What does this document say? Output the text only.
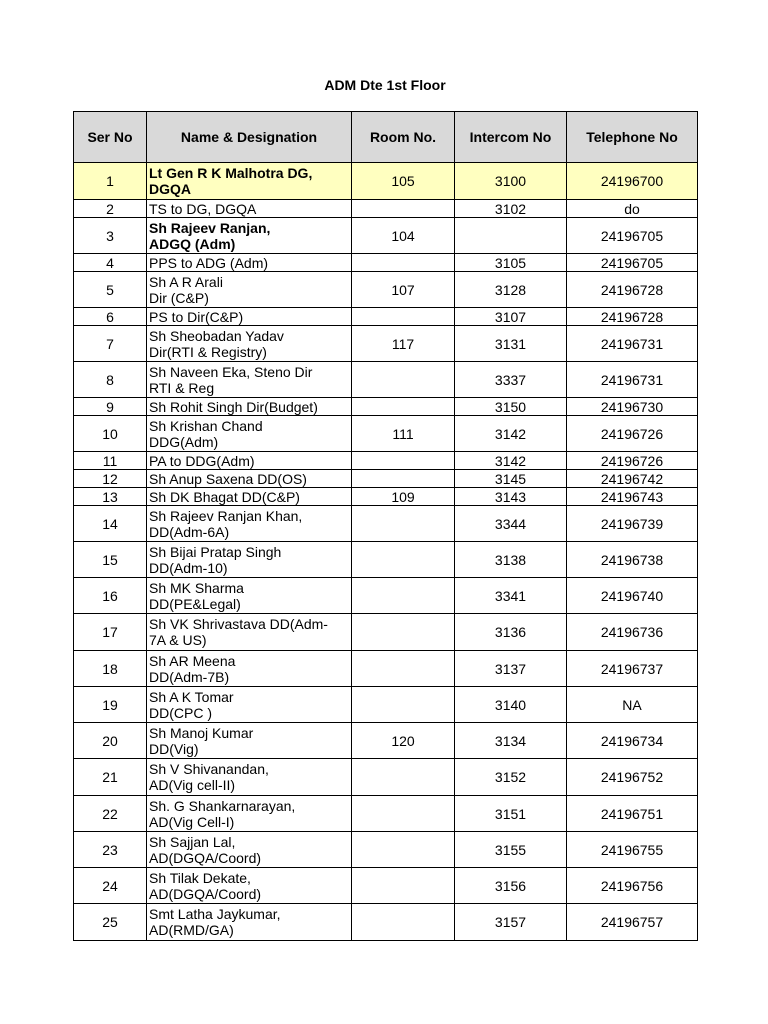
ADM Dte 1st Floor
Ser No	Name & Designation	Room No.	Intercom No	Telephone No
1	Lt Gen R K Malhotra DG,
DGQA	105	3100	24196700
2	TS to DG, DGQA		3102	do
3	Sh Rajeev Ranjan,
ADGQ (Adm)	104		24196705
4	PPS to ADG (Adm)		3105	24196705
5	Sh A R Arali
Dir (C&P)	107	3128	24196728
6	PS to Dir(C&P)		3107	24196728
7	Sh Sheobadan Yadav
Dir(RTI & Registry)	117	3131	24196731
8	Sh Naveen Eka, Steno Dir
RTI & Reg		3337	24196731
9	Sh Rohit Singh Dir(Budget)		3150	24196730
10	Sh Krishan Chand
DDG(Adm)	111	3142	24196726
11	PA to DDG(Adm)		3142	24196726
12	Sh Anup Saxena DD(OS)		3145	24196742
13	Sh DK Bhagat DD(C&P)	109	3143	24196743
14	Sh Rajeev Ranjan Khan,
DD(Adm-6A)		3344	24196739
15	Sh Bijai Pratap Singh
DD(Adm-10)		3138	24196738
16	Sh MK Sharma
DD(PE&Legal)		3341	24196740
17	Sh VK Shrivastava DD(Adm-
7A & US)		3136	24196736
18	Sh AR Meena
DD(Adm-7B)		3137	24196737
19	Sh A K Tomar
DD(CPC )		3140	NA
20	Sh Manoj Kumar
DD(Vig)	120	3134	24196734
21	Sh V Shivanandan,
AD(Vig cell-II)		3152	24196752
22	Sh. G Shankarnarayan,
AD(Vig Cell-I)		3151	24196751
23	Sh Sajjan Lal,
AD(DGQA/Coord)		3155	24196755
24	Sh Tilak Dekate,
AD(DGQA/Coord)		3156	24196756
25	Smt Latha Jaykumar,
AD(RMD/GA)		3157	24196757
